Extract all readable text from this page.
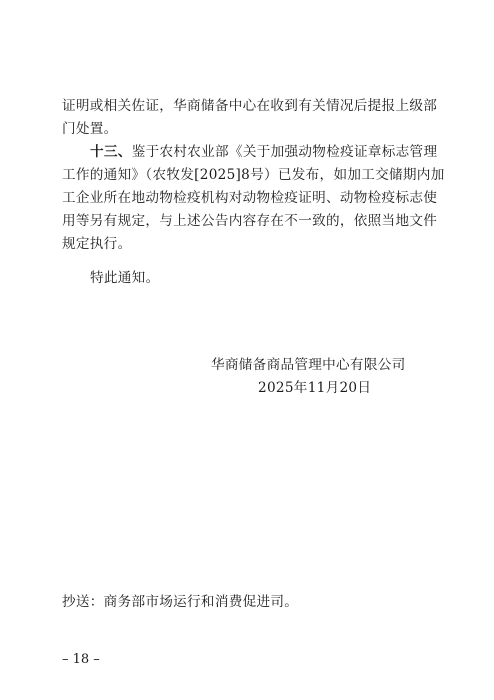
证明或相关佐证，华商储备中心在收到有关情况后提报上级部
门处置。
十三、鉴于农村农业部《关于加强动物检疫证章标志管理
工作的通知》（农牧发[2025]8号）已发布，如加工交储期内加
工企业所在地动物检疫机构对动物检疫证明、动物检疫标志使
用等另有规定，与上述公告内容存在不一致的，依照当地文件
规定执行。
特此通知。
华商储备商品管理中心有限公司
2025年11月20日
抄送：商务部市场运行和消费促进司。
– 18 –
